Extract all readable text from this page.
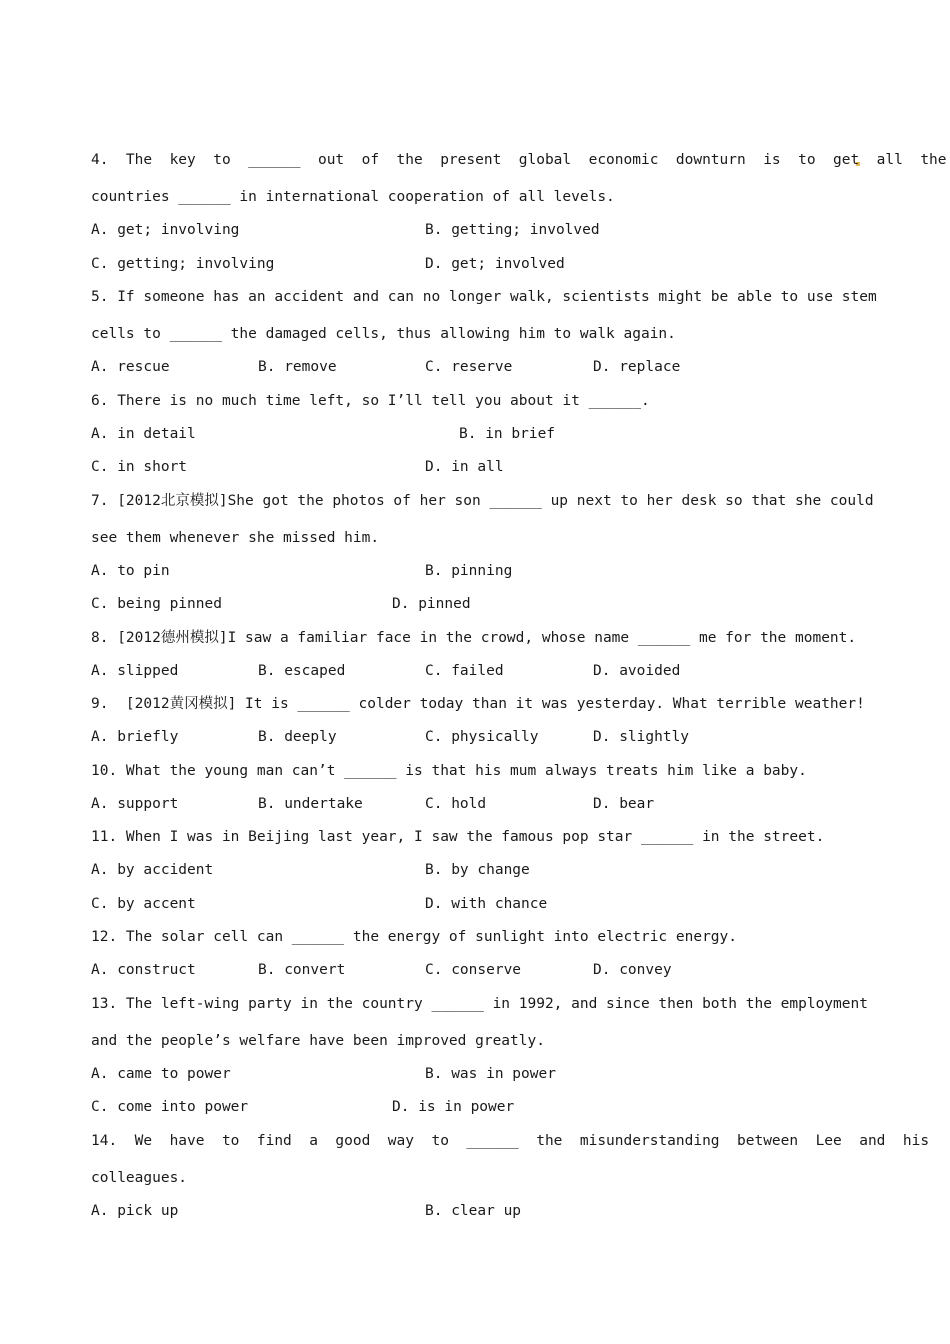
4.  The  key  to  ______  out  of  the  present  global  economic  downturn  is  to  get  all  the
countries ______ in international cooperation of all levels.
A. get; involving	B. getting; involved
C. getting; involving	D. get; involved
5. If someone has an accident and can no longer walk, scientists might be able to use stem
cells to ______ the damaged cells, thus allowing him to walk again.
A. rescue	B. remove	C. reserve	D. replace
6. There is no much time left, so I’ll tell you about it ______.
A. in detail	B. in brief
C. in short	D. in all
7. [2012北京模拟]She got the photos of her son ______ up next to her desk so that she could
see them whenever she missed him.
A. to pin	B. pinning
C. being pinned	D. pinned
8. [2012德州模拟]I saw a familiar face in the crowd, whose name ______ me for the moment.
A. slipped	B. escaped	C. failed	D. avoided
9.  [2012黄冈模拟] It is ______ colder today than it was yesterday. What terrible weather!
A. briefly	B. deeply	C. physically	D. slightly
10. What the young man can’t ______ is that his mum always treats him like a baby.
A. support	B. undertake	C. hold	D. bear
11. When I was in Beijing last year, I saw the famous pop star ______ in the street.
A. by accident	B. by change
C. by accent	D. with chance
12. The solar cell can ______ the energy of sunlight into electric energy.
A. construct	B. convert	C. conserve	D. convey
13. The left-wing party in the country ______ in 1992, and since then both the employment
and the people’s welfare have been improved greatly.
A. came to power	B. was in power
C. come into power	D. is in power
14.  We  have  to  find  a  good  way  to  ______  the  misunderstanding  between  Lee  and  his
colleagues.
A. pick up	B. clear up
